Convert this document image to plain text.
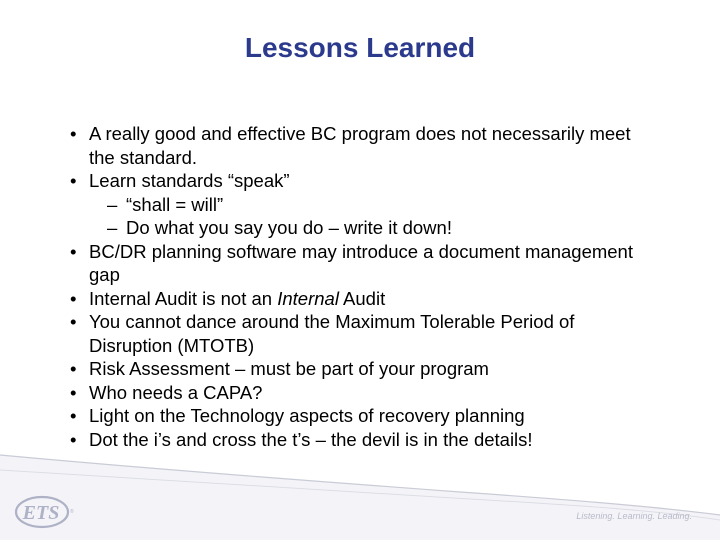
Lessons Learned
• A really good and effective BC program does not necessarily meet the standard.
• Learn standards “speak”
– “shall = will”
– Do what you say you do – write it down!
• BC/DR planning software may introduce a document management gap
• Internal Audit is not an Internal Audit
• You cannot dance around the Maximum Tolerable Period of Disruption (MTOTB)
• Risk Assessment – must be part of your program
• Who needs a CAPA?
• Light on the Technology aspects of recovery planning
• Dot the i’s and cross the t’s – the devil is in the details!
ETS ®	Listening. Learning. Leading.
